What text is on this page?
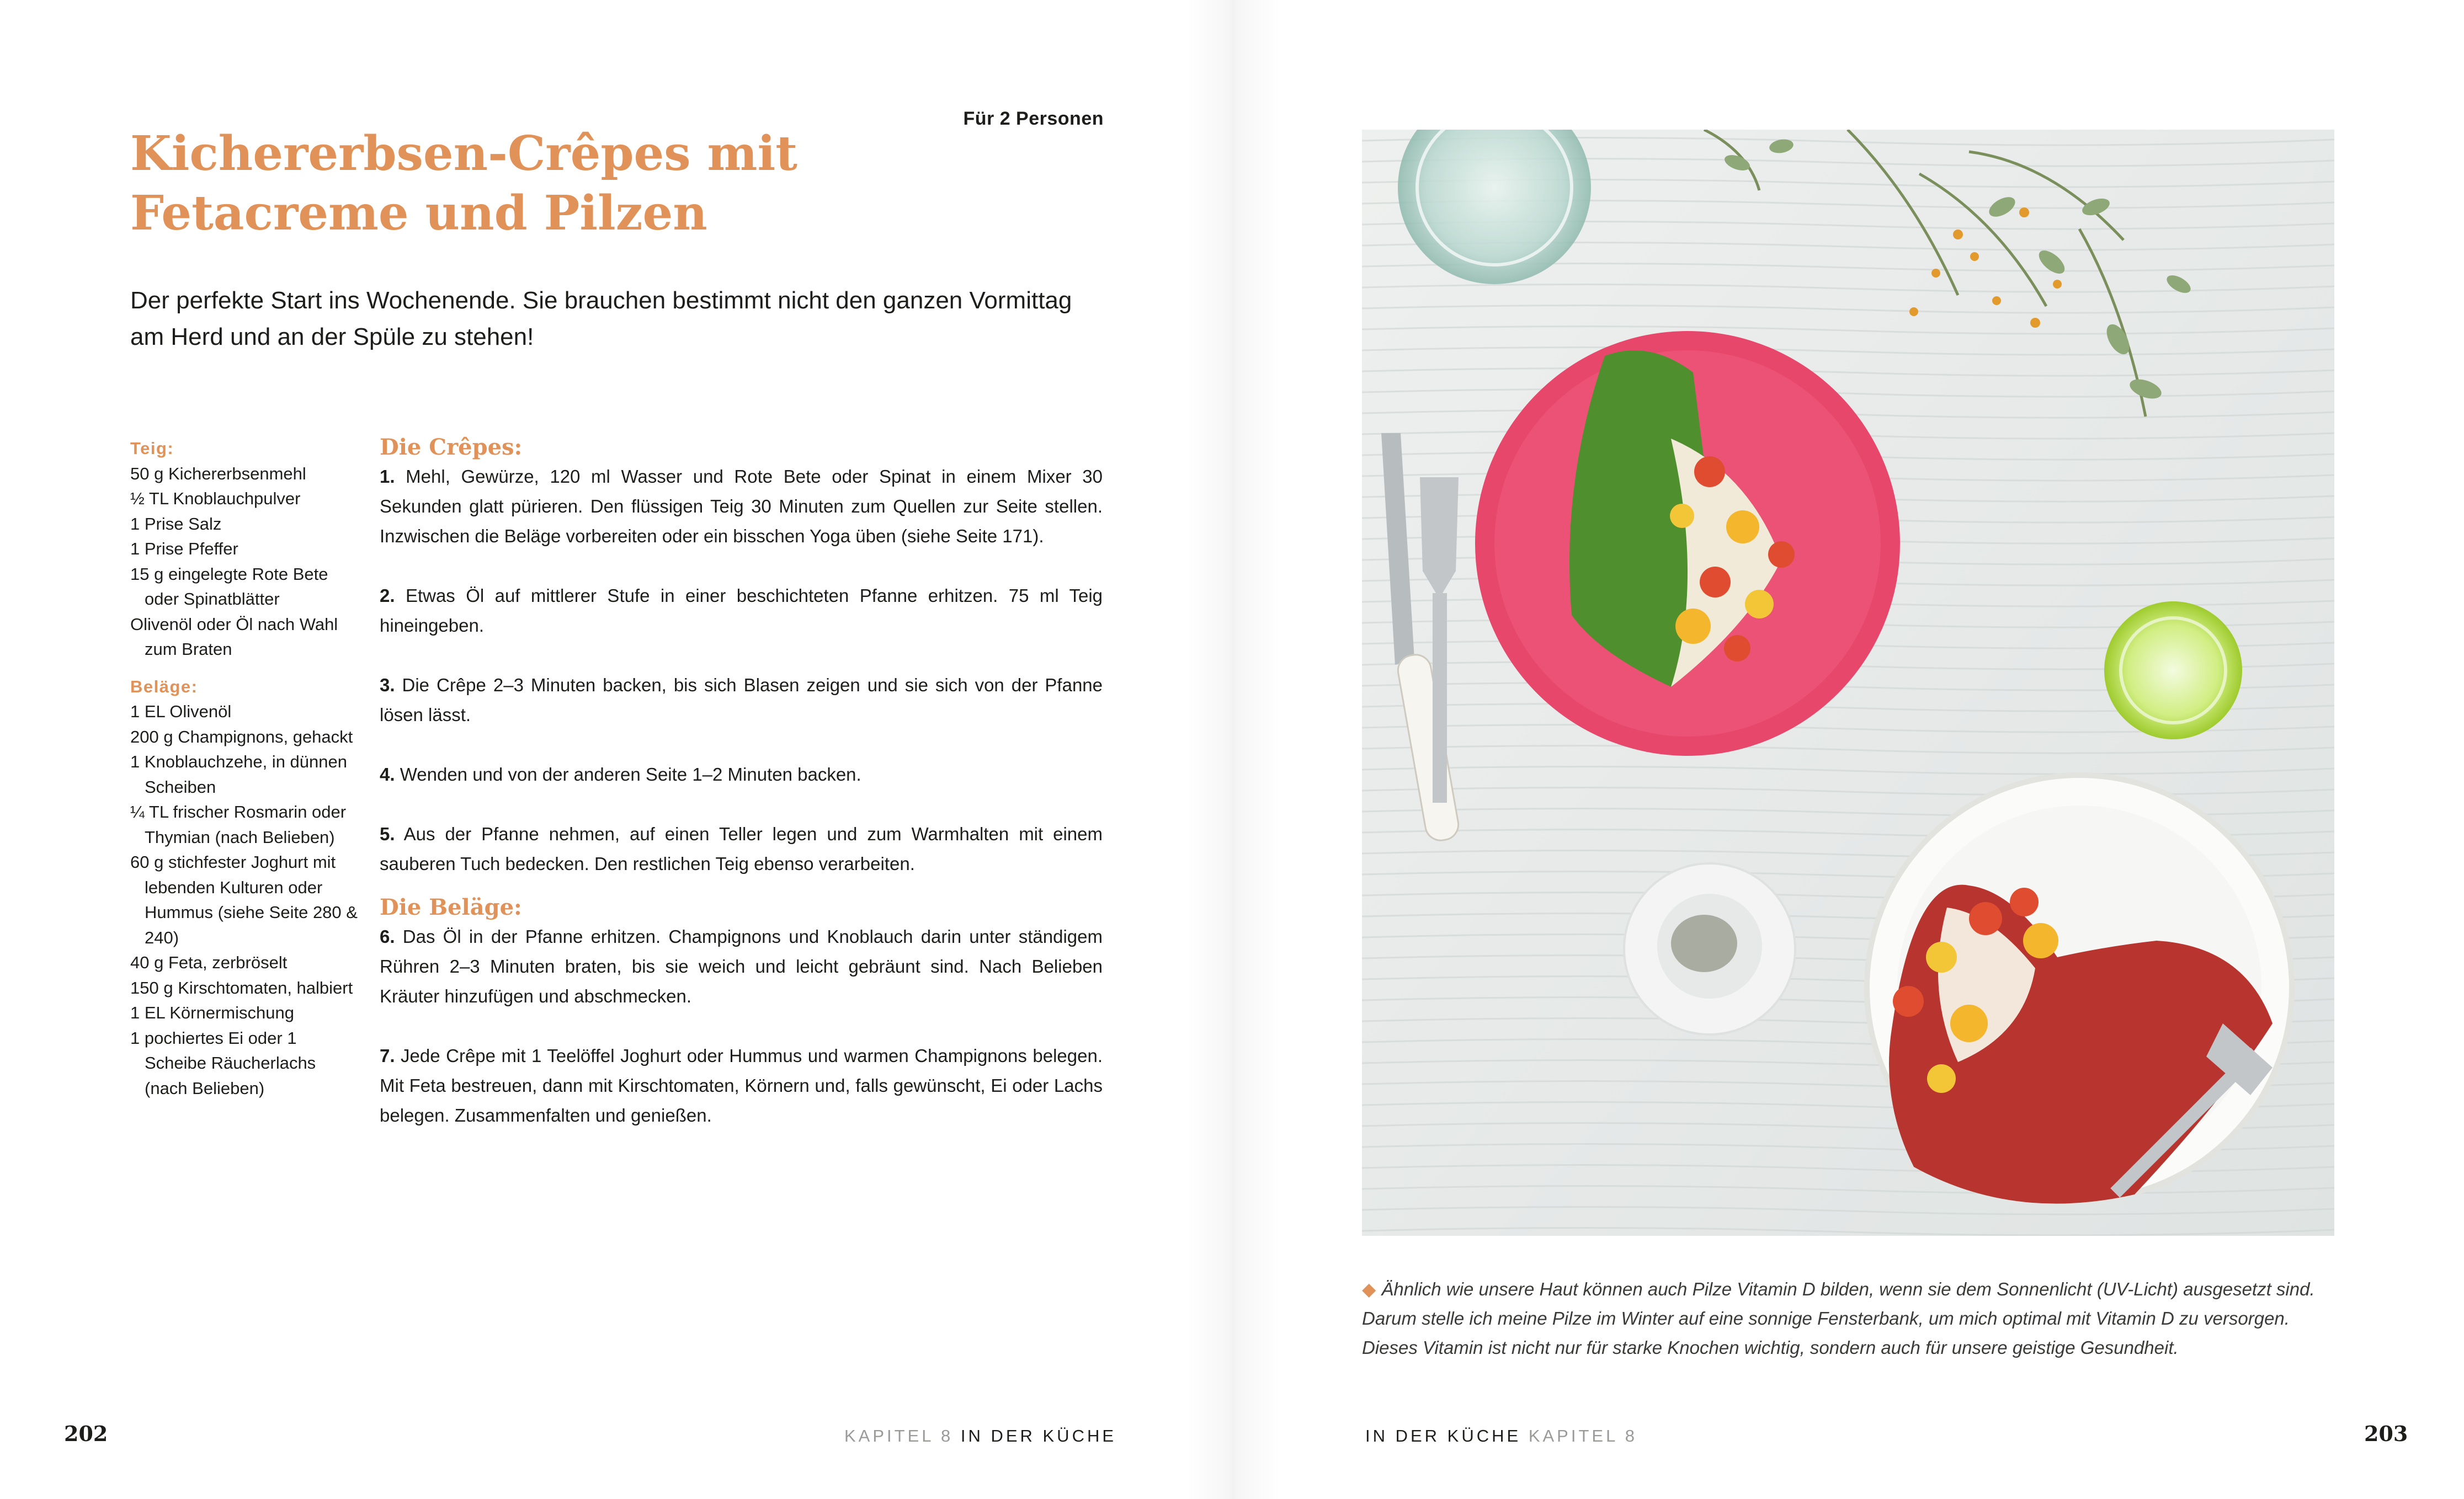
Für 2 Personen
Kichererbsen-Crêpes mit
Fetacreme und Pilzen

Der perfekte Start ins Wochenende. Sie brauchen bestimmt nicht den ganzen Vormittag am Herd und an der Spüle zu stehen!

Teig:
50 g Kichererbsenmehl
½ TL Knoblauchpulver
1 Prise Salz
1 Prise Pfeffer
15 g eingelegte Rote Bete oder Spinatblätter
Olivenöl oder Öl nach Wahl zum Braten
Beläge:
1 EL Olivenöl
200 g Champignons, gehackt
1 Knoblauchzehe, in dünnen Scheiben
¼ TL frischer Rosmarin oder Thymian (nach Belieben)
60 g stichfester Joghurt mit lebenden Kulturen oder Hummus (siehe Seite 280 & 240)
40 g Feta, zerbröselt
150 g Kirschtomaten, halbiert
1 EL Körnermischung
1 pochiertes Ei oder 1 Scheibe Räucherlachs (nach Belieben)
Die Crêpes:

1. Mehl, Gewürze, 120 ml Wasser und Rote Bete oder Spinat in einem Mixer 30 Sekunden glatt pürieren. Den flüssigen Teig 30 Minuten zum Quellen zur Seite stellen. Inzwischen die Beläge vorbereiten oder ein bisschen Yoga üben (siehe Seite 171).

2. Etwas Öl auf mittlerer Stufe in einer beschichteten Pfanne erhitzen. 75 ml Teig hineingeben.

3. Die Crêpe 2–3 Minuten backen, bis sich Blasen zeigen und sie sich von der Pfanne lösen lässt.

4. Wenden und von der anderen Seite 1–2 Minuten backen.

5. Aus der Pfanne nehmen, auf einen Teller legen und zum Warmhalten mit einem sauberen Tuch bedecken. Den restlichen Teig ebenso verarbeiten.

Die Beläge:

6. Das Öl in der Pfanne erhitzen. Champignons und Knoblauch darin unter ständigem Rühren 2–3 Minuten braten, bis sie weich und leicht gebräunt sind. Nach Belieben Kräuter hinzufügen und abschmecken.

7. Jede Crêpe mit 1 Teelöffel Joghurt oder Hummus und warmen Champignons belegen. Mit Feta bestreuen, dann mit Kirschtomaten, Körnern und, falls gewünscht, Ei oder Lachs belegen. Zusammenfalten und genießen.

202	KAPITEL 8 IN DER KÜCHE

◆ Ähnlich wie unsere Haut können auch Pilze Vitamin D bilden, wenn sie dem Sonnenlicht (UV-Licht) ausgesetzt sind. Darum stelle ich meine Pilze im Winter auf eine sonnige Fensterbank, um mich optimal mit Vitamin D zu versorgen. Dieses Vitamin ist nicht nur für starke Knochen wichtig, sondern auch für unsere geistige Gesundheit.

IN DER KÜCHE KAPITEL 8	203
